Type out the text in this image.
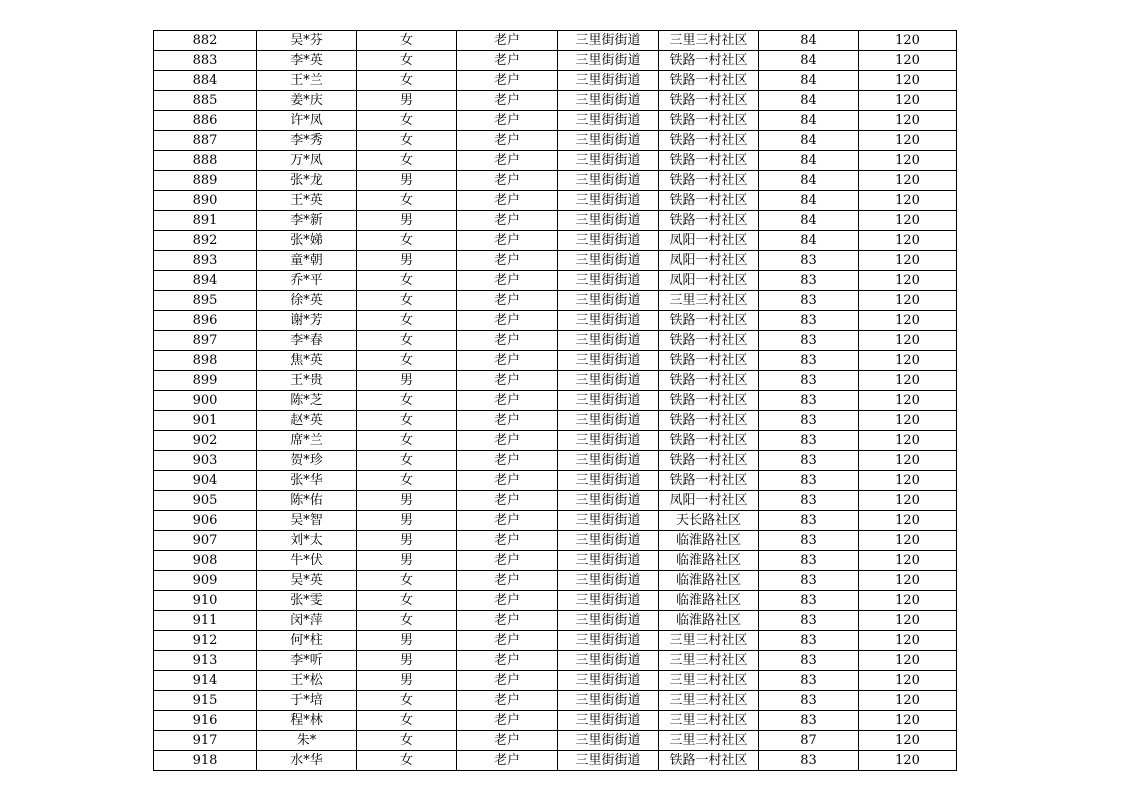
882	吴*芬	女	老户	三里街街道	三里三村社区	84	120
883	李*英	女	老户	三里街街道	铁路一村社区	84	120
884	王*兰	女	老户	三里街街道	铁路一村社区	84	120
885	姜*庆	男	老户	三里街街道	铁路一村社区	84	120
886	许*凤	女	老户	三里街街道	铁路一村社区	84	120
887	李*秀	女	老户	三里街街道	铁路一村社区	84	120
888	万*凤	女	老户	三里街街道	铁路一村社区	84	120
889	张*龙	男	老户	三里街街道	铁路一村社区	84	120
890	王*英	女	老户	三里街街道	铁路一村社区	84	120
891	李*新	男	老户	三里街街道	铁路一村社区	84	120
892	张*娣	女	老户	三里街街道	凤阳一村社区	84	120
893	童*朝	男	老户	三里街街道	凤阳一村社区	83	120
894	乔*平	女	老户	三里街街道	凤阳一村社区	83	120
895	徐*英	女	老户	三里街街道	三里三村社区	83	120
896	谢*芳	女	老户	三里街街道	铁路一村社区	83	120
897	李*春	女	老户	三里街街道	铁路一村社区	83	120
898	焦*英	女	老户	三里街街道	铁路一村社区	83	120
899	王*贵	男	老户	三里街街道	铁路一村社区	83	120
900	陈*芝	女	老户	三里街街道	铁路一村社区	83	120
901	赵*英	女	老户	三里街街道	铁路一村社区	83	120
902	席*兰	女	老户	三里街街道	铁路一村社区	83	120
903	贺*珍	女	老户	三里街街道	铁路一村社区	83	120
904	张*华	女	老户	三里街街道	铁路一村社区	83	120
905	陈*佑	男	老户	三里街街道	凤阳一村社区	83	120
906	吴*智	男	老户	三里街街道	天长路社区	83	120
907	刘*太	男	老户	三里街街道	临淮路社区	83	120
908	牛*伏	男	老户	三里街街道	临淮路社区	83	120
909	吴*英	女	老户	三里街街道	临淮路社区	83	120
910	张*雯	女	老户	三里街街道	临淮路社区	83	120
911	闵*萍	女	老户	三里街街道	临淮路社区	83	120
912	何*柱	男	老户	三里街街道	三里三村社区	83	120
913	李*听	男	老户	三里街街道	三里三村社区	83	120
914	王*松	男	老户	三里街街道	三里三村社区	83	120
915	于*培	女	老户	三里街街道	三里三村社区	83	120
916	程*林	女	老户	三里街街道	三里三村社区	83	120
917	朱*	女	老户	三里街街道	三里三村社区	87	120
918	水*华	女	老户	三里街街道	铁路一村社区	83	120
